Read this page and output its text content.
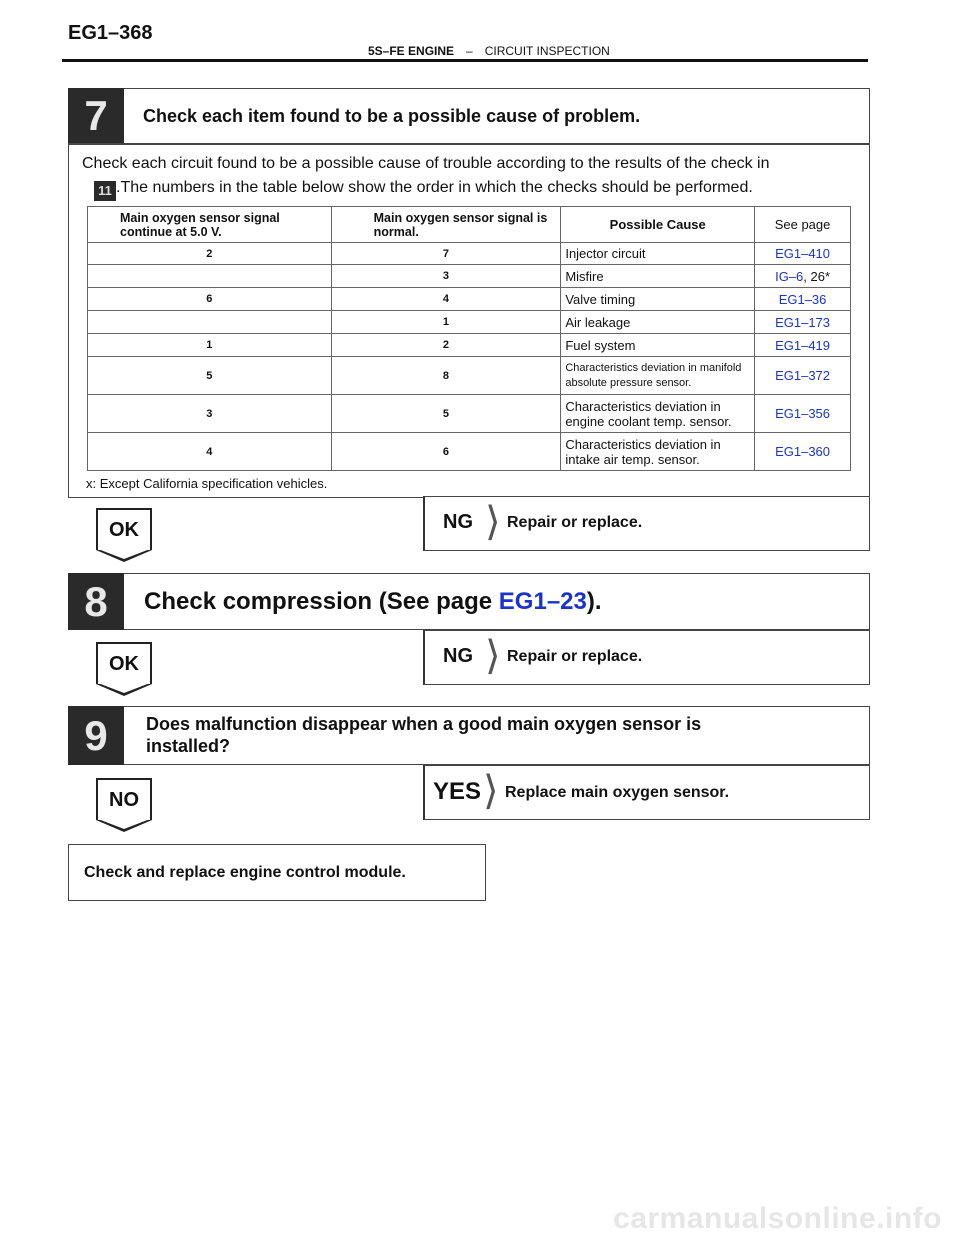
EG1–368
5S–FE ENGINE – CIRCUIT INSPECTION
7	Check each item found to be a possible cause of problem.
Check each circuit found to be a possible cause of trouble according to the results of the check in
11 .The numbers in the table below show the order in which the checks should be performed.
Main oxygen sensor signal continue at 5.0 V.	Main oxygen sensor signal is normal.	Possible Cause	See page
2	7	Injector circuit	EG1–410
	3	Misfire	IG–6, 26*
6	4	Valve timing	EG1–36
	1	Air leakage	EG1–173
1	2	Fuel system	EG1–419
5	8	Characteristics deviation in manifold absolute pressure sensor.	EG1–372
3	5	Characteristics deviation in engine coolant temp. sensor.	EG1–356
4	6	Characteristics deviation in intake air temp. sensor.	EG1–360
x: Except California specification vehicles.
OK	NG ⟩ Repair or replace.
8	Check compression (See page EG1–23).
OK	NG ⟩ Repair or replace.
9	Does malfunction disappear when a good main oxygen sensor is
installed?
NO	YES ⟩ Replace main oxygen sensor.
Check and replace engine control module.
carmanualsonline.info
